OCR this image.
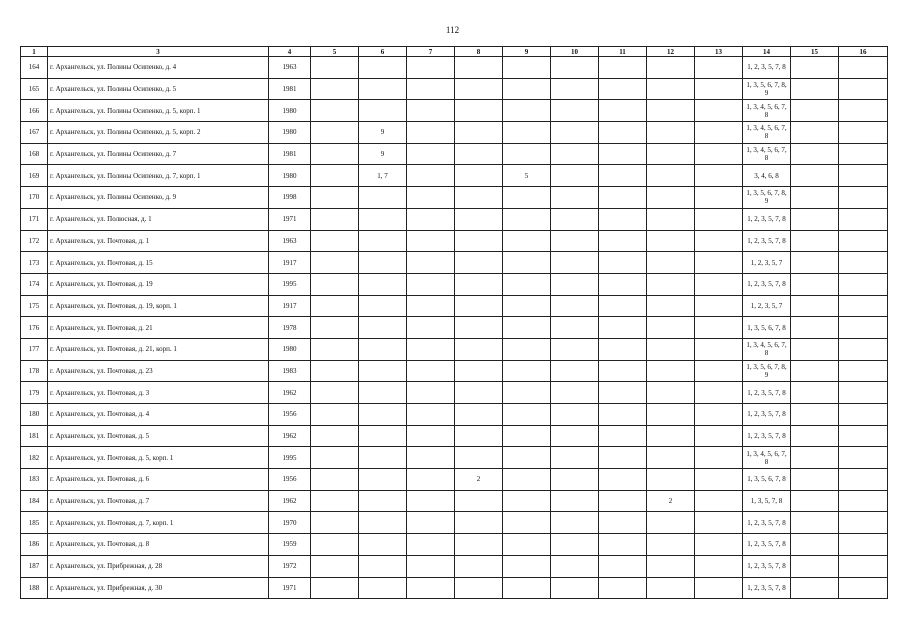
112
1	3	4	5	6	7	8	9	10	11	12	13	14	15	16
164	г. Архангельск, ул. Полины Осипенко, д. 4	1963										1, 2, 3, 5, 7, 8		
165	г. Архангельск, ул. Полины Осипенко, д. 5	1981										1, 3, 5, 6, 7, 8, 9		
166	г. Архангельск, ул. Полины Осипенко, д. 5, корп. 1	1980										1, 3, 4, 5, 6, 7, 8		
167	г. Архангельск, ул. Полины Осипенко, д. 5, корп. 2	1980		9								1, 3, 4, 5, 6, 7, 8		
168	г. Архангельск, ул. Полины Осипенко, д. 7	1981		9								1, 3, 4, 5, 6, 7, 8		
169	г. Архангельск, ул. Полины Осипенко, д. 7, корп. 1	1980		1, 7			5					3, 4, 6, 8		
170	г. Архангельск, ул. Полины Осипенко, д. 9	1998										1, 3, 5, 6, 7, 8, 9		
171	г. Архангельск, ул. Полюсная, д. 1	1971										1, 2, 3, 5, 7, 8		
172	г. Архангельск, ул. Почтовая, д. 1	1963										1, 2, 3, 5, 7, 8		
173	г. Архангельск, ул. Почтовая, д. 15	1917										1, 2, 3, 5, 7		
174	г. Архангельск, ул. Почтовая, д. 19	1995										1, 2, 3, 5, 7, 8		
175	г. Архангельск, ул. Почтовая, д. 19, корп. 1	1917										1, 2, 3, 5, 7		
176	г. Архангельск, ул. Почтовая, д. 21	1978										1, 3, 5, 6, 7, 8		
177	г. Архангельск, ул. Почтовая, д. 21, корп. 1	1980										1, 3, 4, 5, 6, 7, 8		
178	г. Архангельск, ул. Почтовая, д. 23	1983										1, 3, 5, 6, 7, 8, 9		
179	г. Архангельск, ул. Почтовая, д. 3	1962										1, 2, 3, 5, 7, 8		
180	г. Архангельск, ул. Почтовая, д. 4	1956										1, 2, 3, 5, 7, 8		
181	г. Архангельск, ул. Почтовая, д. 5	1962										1, 2, 3, 5, 7, 8		
182	г. Архангельск, ул. Почтовая, д. 5, корп. 1	1995										1, 3, 4, 5, 6, 7, 8		
183	г. Архангельск, ул. Почтовая, д. 6	1956				2						1, 3, 5, 6, 7, 8		
184	г. Архангельск, ул. Почтовая, д. 7	1962								2		1, 3, 5, 7, 8		
185	г. Архангельск, ул. Почтовая, д. 7, корп. 1	1970										1, 2, 3, 5, 7, 8		
186	г. Архангельск, ул. Почтовая, д. 8	1959										1, 2, 3, 5, 7, 8		
187	г. Архангельск, ул. Прибрежная, д. 28	1972										1, 2, 3, 5, 7, 8		
188	г. Архангельск, ул. Прибрежная, д. 30	1971										1, 2, 3, 5, 7, 8		
